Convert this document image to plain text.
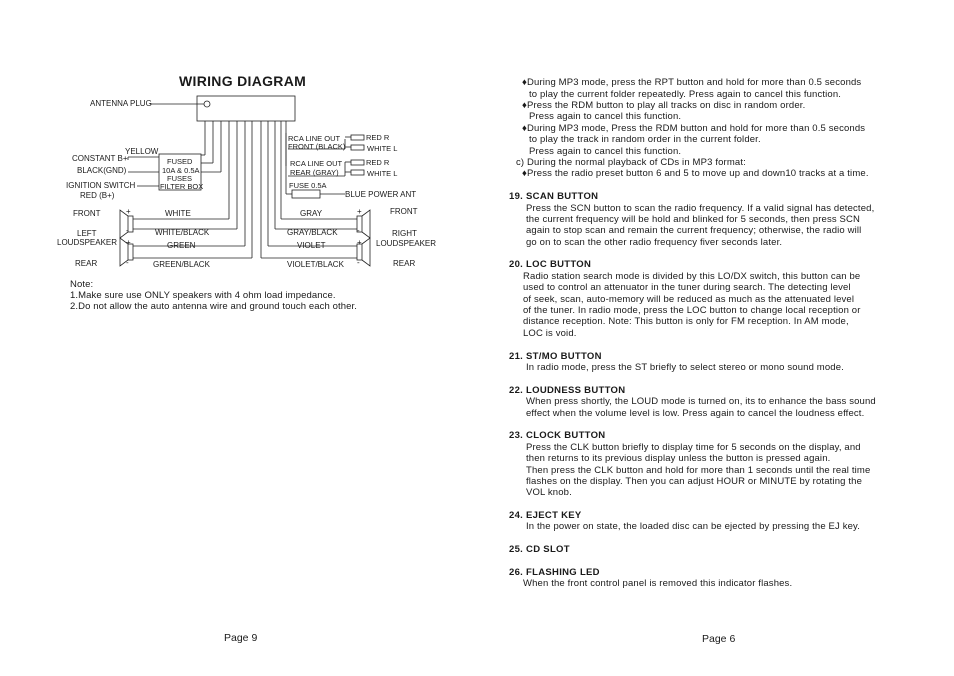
WIRING DIAGRAM
ANTENNA PLUG
YELLOW
CONSTANT B+
BLACK(GND)
IGNITION SWITCH
RED (B+)
FUSED
10A & 0.5A
FUSES
FILTER BOX
RCA LINE OUT
FRONT (BLACK)
RCA LINE OUT
REAR (GRAY)
RED R
WHITE L
RED R
WHITE L
FUSE 0.5A
BLUE POWER ANT
FRONT
LEFT
LOUDSPEAKER
REAR
+
-
+
-
+
-
+
-
WHITE
WHITE/BLACK
GREEN
GREEN/BLACK
GRAY
GRAY/BLACK
VIOLET
VIOLET/BLACK
FRONT
RIGHT
LOUDSPEAKER
REAR
Note:
1.Make sure use ONLY speakers with 4 ohm load impedance.
2.Do not allow the auto antenna wire and ground touch each other.
Page 9
♦During MP3 mode, press the RPT button and hold for more than 0.5 seconds
to play the current folder repeatedly. Press again to cancel this function.
♦Press the RDM button to play all tracks on disc in random order.
Press again to cancel this function.
♦During MP3 mode, Press the RDM button and hold for more than 0.5 seconds
to play the track in random order in the current folder.
Press again to cancel this function.
c) During the normal playback of CDs in MP3 format:
♦Press the radio preset button 6 and 5 to move up and down10 tracks at a time.
19. SCAN BUTTON
Press the SCN button to scan the radio frequency. If a valid signal has detected,
the current frequency will be hold and blinked for 5 seconds, then press SCN
again to stop scan and remain the current frequency; otherwise, the radio will
go on to scan the other radio frequency fiver seconds later.
20. LOC BUTTON
Radio station search mode is divided by this LO/DX switch, this button can be
used to control an attenuator in the tuner during search. The detecting level
of seek, scan, auto-memory will be reduced as much as the attenuated level
of the tuner. In radio mode, press the LOC button to change local reception or
distance reception. Note: This button is only for FM reception. In AM mode,
LOC is void.
21. ST/MO BUTTON
In radio mode, press the ST briefly to select stereo or mono sound mode.
22. LOUDNESS BUTTON
When press shortly, the LOUD mode is turned on, its to enhance the bass sound
effect when the volume level is low. Press again to cancel the loudness effect.
23. CLOCK BUTTON
Press the CLK button briefly to display time for 5 seconds on the display, and
then returns to its previous display unless the button is pressed again.
Then press the CLK button and hold for more than 1 seconds until the real time
flashes on the display. Then you can adjust HOUR or MINUTE by rotating the
VOL knob.
24. EJECT KEY
In the power on state, the loaded disc can be ejected by pressing the EJ key.
25. CD SLOT
26. FLASHING LED
When the front control panel is removed this indicator flashes.
Page 6
